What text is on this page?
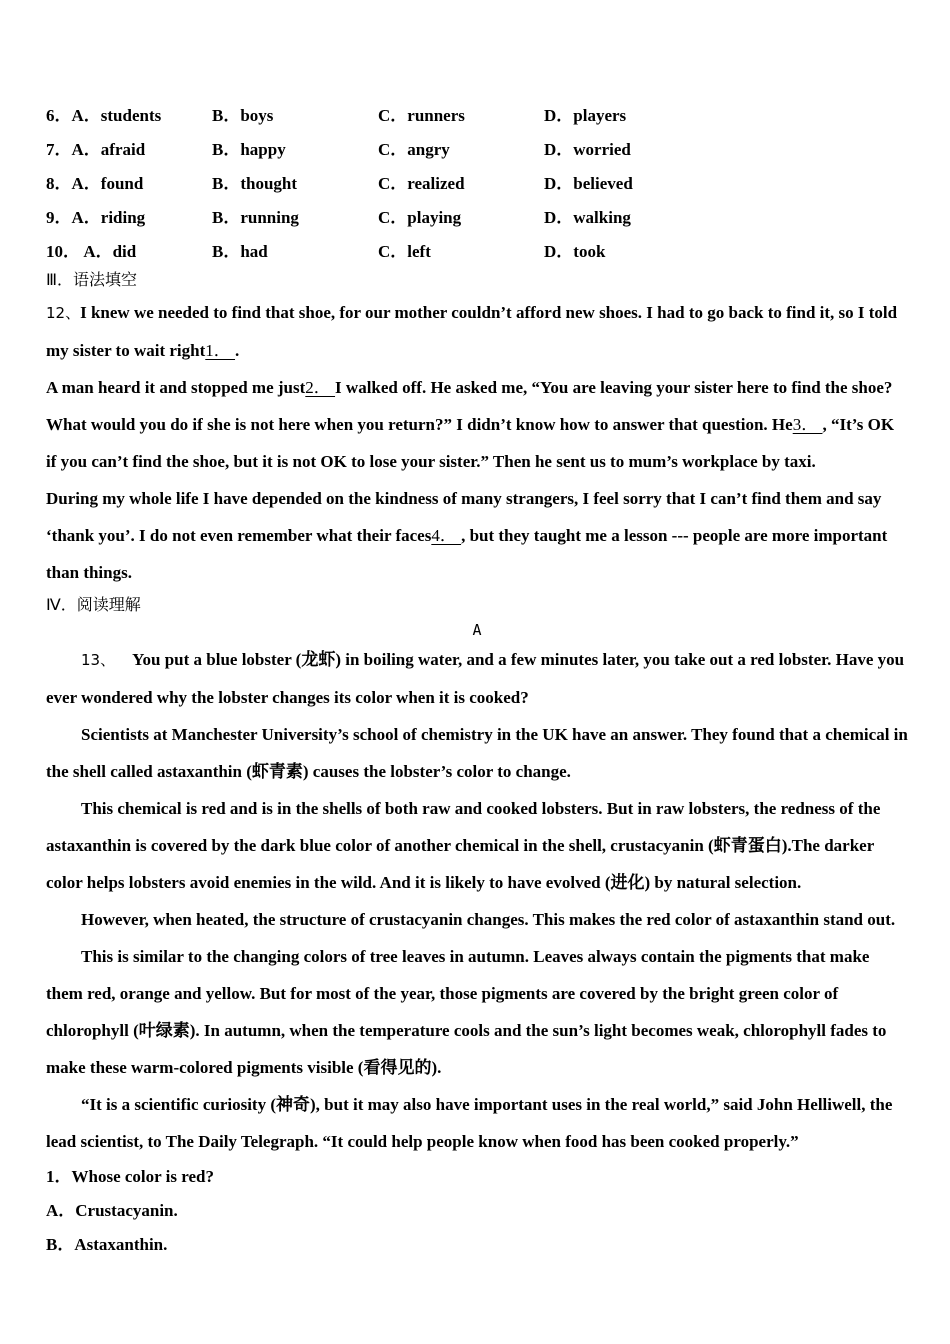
6．A．students	B．boys	C．runners	D．players
7．A．afraid	B．happy	C．angry	D．worried
8．A．found	B．thought	C．realized	D．believed
9．A．riding	B．running	C．playing	D．walking
10． A．did	B．had	C．left	D．took
Ⅲ．语法填空

12、I knew we needed to find that shoe, for our mother couldn’t afford new shoes. I had to go back to find it, so I told my sister to wait right1． .

A man heard it and stopped me just2． I walked off. He asked me, “You are leaving your sister here to find the shoe? What would you do if she is not here when you return?” I didn’t know how to answer that question. He3． , “It’s OK if you can’t find the shoe, but it is not OK to lose your sister.” Then he sent us to mum’s workplace by taxi.

During my whole life I have depended on the kindness of many strangers, I feel sorry that I can’t find them and say ‘thank you’. I do not even remember what their faces4． , but they taught me a lesson --- people are more important than things.

Ⅳ．阅读理解
A

13、 You put a blue lobster (龙虾) in boiling water, and a few minutes later, you take out a red lobster. Have you ever wondered why the lobster changes its color when it is cooked?

Scientists at Manchester University’s school of chemistry in the UK have an answer. They found that a chemical in the shell called astaxanthin (虾青素) causes the lobster’s color to change.

This chemical is red and is in the shells of both raw and cooked lobsters. But in raw lobsters, the redness of the astaxanthin is covered by the dark blue color of another chemical in the shell, crustacyanin (虾青蛋白).The darker color helps lobsters avoid enemies in the wild. And it is likely to have evolved (进化) by natural selection.

However, when heated, the structure of crustacyanin changes. This makes the red color of astaxanthin stand out.

This is similar to the changing colors of tree leaves in autumn. Leaves always contain the pigments that make them red, orange and yellow. But for most of the year, those pigments are covered by the bright green color of chlorophyll (叶绿素). In autumn, when the temperature cools and the sun’s light becomes weak, chlorophyll fades to make these warm-colored pigments visible (看得见的).

“It is a scientific curiosity (神奇), but it may also have important uses in the real world,” said John Helliwell, the lead scientist, to The Daily Telegraph. “It could help people know when food has been cooked properly.”

1．Whose color is red?
A．Crustacyanin.
B．Astaxanthin.
